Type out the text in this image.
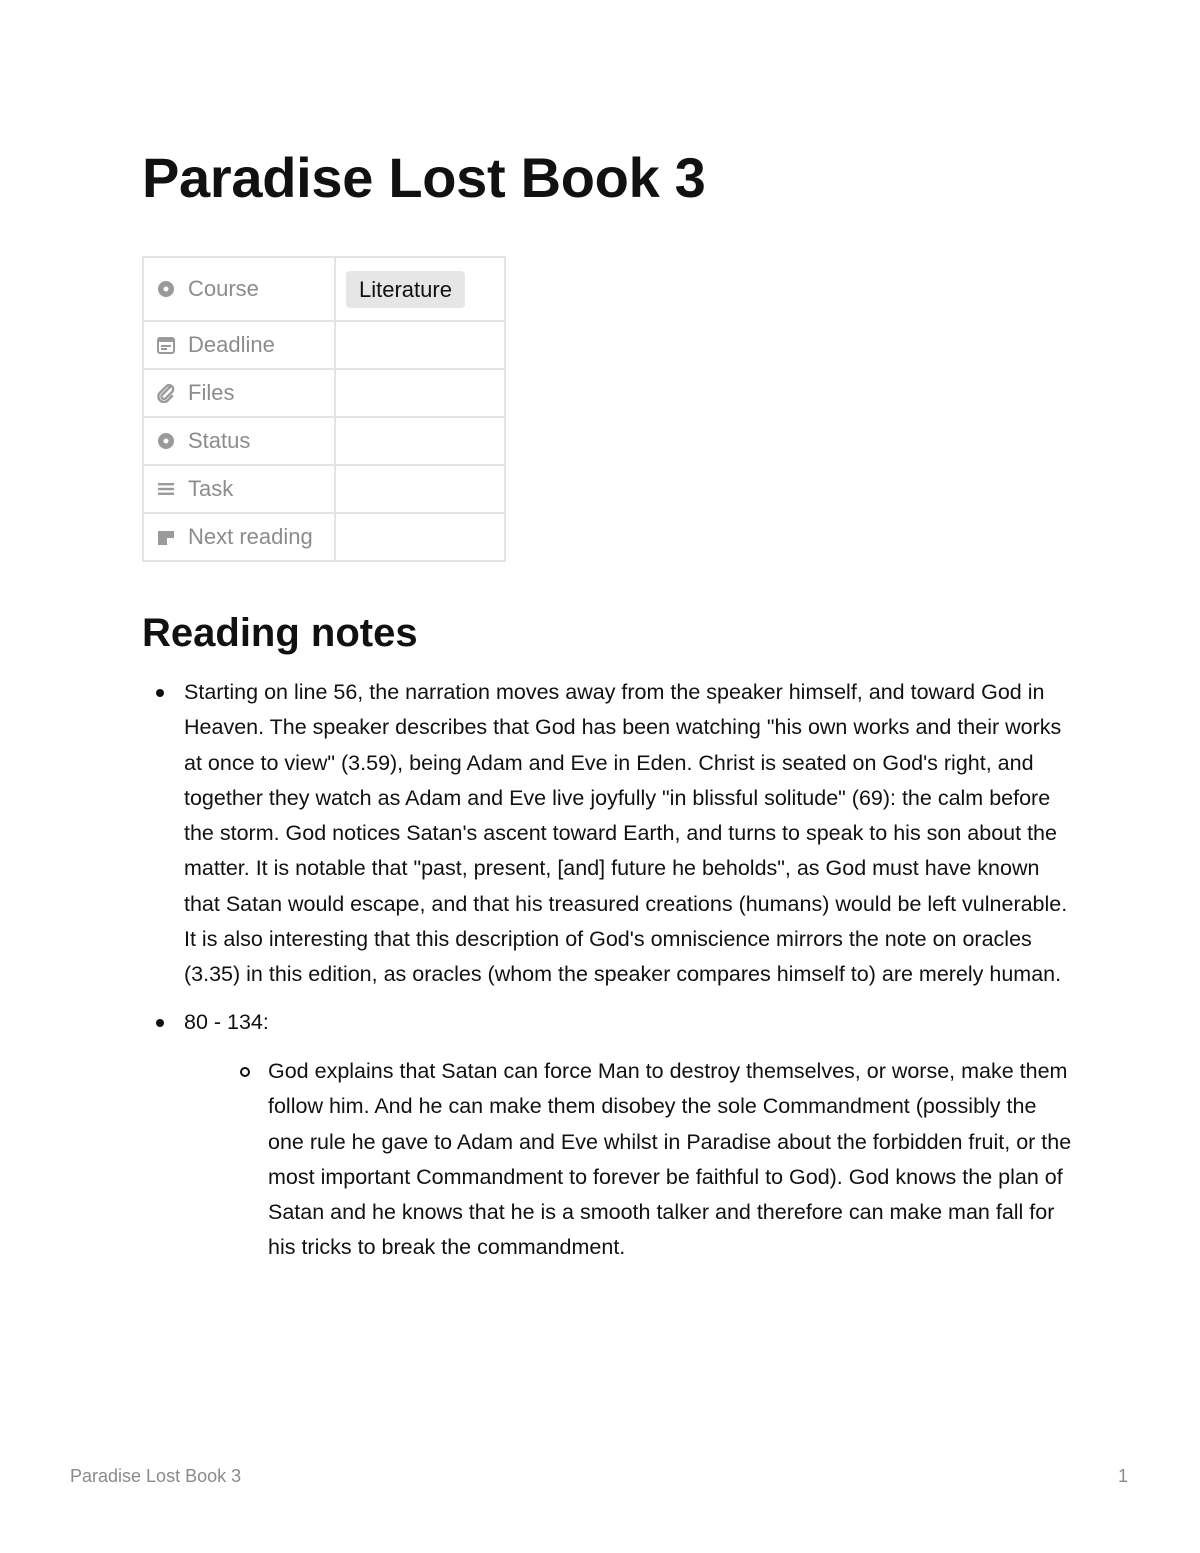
Paradise Lost Book 3
Course	Literature

Deadline	

Files	

Status	

Task	

Next reading	

Reading notes
Starting on line 56, the narration moves away from the speaker himself, and toward God in Heaven. The speaker describes that God has been watching "his own works and their works at once to view" (3.59), being Adam and Eve in Eden. Christ is seated on God's right, and together they watch as Adam and Eve live joyfully "in blissful solitude" (69): the calm before the storm. God notices Satan's ascent toward Earth, and turns to speak to his son about the matter. It is notable that "past, present, [and] future he beholds", as God must have known that Satan would escape, and that his treasured creations (humans) would be left vulnerable. It is also interesting that this description of God's omniscience mirrors the note on oracles (3.35) in this edition, as oracles (whom the speaker compares himself to) are merely human.
80 - 134:
God explains that Satan can force Man to destroy themselves, or worse, make them follow him. And he can make them disobey the sole Commandment (possibly the one rule he gave to Adam and Eve whilst in Paradise about the forbidden fruit, or the most important Commandment to forever be faithful to God). God knows the plan of Satan and he knows that he is a smooth talker and therefore can make man fall for his tricks to break the commandment.
Paradise Lost Book 3	1
